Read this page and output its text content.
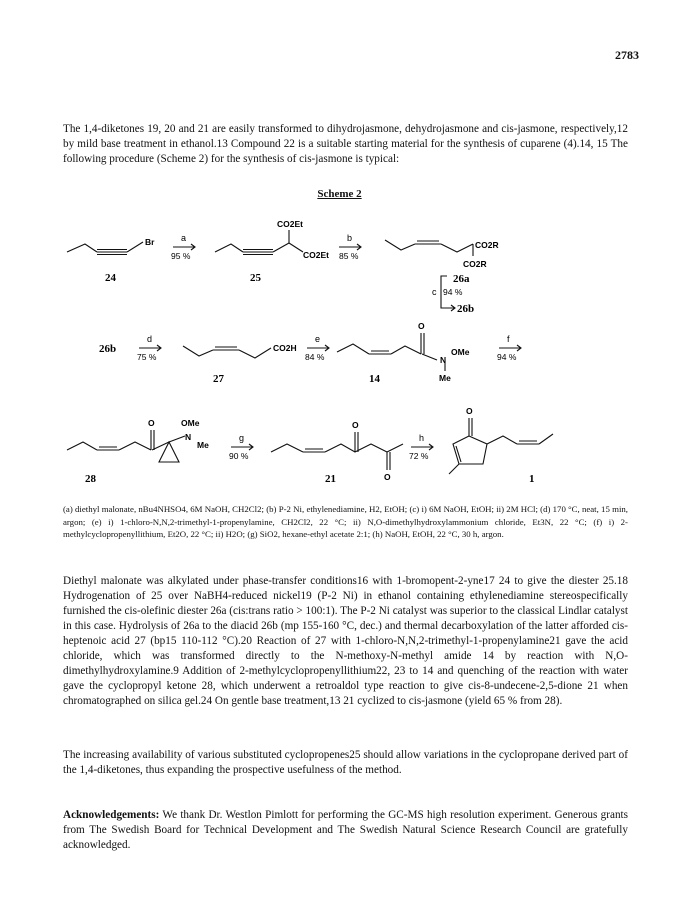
2783

The 1,4-diketones 19, 20 and 21 are easily transformed to dihydrojasmone, dehydrojasmone and cis-jasmone, respectively,12 by mild base treatment in ethanol.13 Compound 22 is a suitable starting material for the synthesis of cuparene (4).14, 15 The following procedure (Scheme 2) for the synthesis of cis-jasmone is typical:

Scheme 2
Br
CO2Et
CO2Et
CO2R
CO2R
CO2H
O
N
OMe
Me
O	OMe
N
Me
O
O
O
a
95 %
b
85 %
c 94 %
d
75 %
e
84 %
f
94 %
g
90 %
h
72 %
24	25	26a
26b
26b
27	14
28	21	1

(a) diethyl malonate, nBu4NHSO4, 6M NaOH, CH2Cl2; (b) P-2 Ni, ethylenediamine, H2, EtOH; (c) i) 6M NaOH, EtOH; ii) 2M HCl; (d) 170 °C, neat, 15 min, argon; (e) i) 1-chloro-N,N,2-trimethyl-1-propenylamine, CH2Cl2, 22 °C; ii) N,O-dimethylhydroxylammonium chloride, Et3N, 22 °C; (f) i) 2-methylcyclopropenyllithium, Et2O, 22 °C; ii) H2O; (g) SiO2, hexane-ethyl acetate 2:1; (h) NaOH, EtOH, 22 °C, 30 h, argon.

Diethyl malonate was alkylated under phase-transfer conditions16 with 1-bromopent-2-yne17 24 to give the diester 25.18 Hydrogenation of 25 over NaBH4-reduced nickel19 (P-2 Ni) in ethanol containing ethylenediamine stereospecifically furnished the cis-olefinic diester 26a (cis:trans ratio > 100:1). The P-2 Ni catalyst was superior to the classical Lindlar catalyst in this case. Hydrolysis of 26a to the diacid 26b (mp 155-160 °C, dec.) and thermal decarboxylation of the latter afforded cis-heptenoic acid 27 (bp15 110-112 °C).20 Reaction of 27 with 1-chloro-N,N,2-trimethyl-1-propenylamine21 gave the acid chloride, which was transformed directly to the N-methoxy-N-methyl amide 14 by reaction with N,O-dimethylhydroxylamine.9 Addition of 2-methylcyclopropenyllithium22, 23 to 14 and quenching of the reaction with water gave the cyclopropyl ketone 28, which underwent a retroaldol type reaction to give cis-8-undecene-2,5-dione 21 when chromatographed on silica gel.24 On gentle base treatment,13 21 cyclized to cis-jasmone (yield 65 % from 28).

The increasing availability of various substituted cyclopropenes25 should allow variations in the cyclopropane derived part of the 1,4-diketones, thus expanding the prospective usefulness of the method.

Acknowledgements: We thank Dr. Westlon Pimlott for performing the GC-MS high resolution experiment. Generous grants from The Swedish Board for Technical Development and The Swedish Natural Science Research Council are gratefully acknowledged.
